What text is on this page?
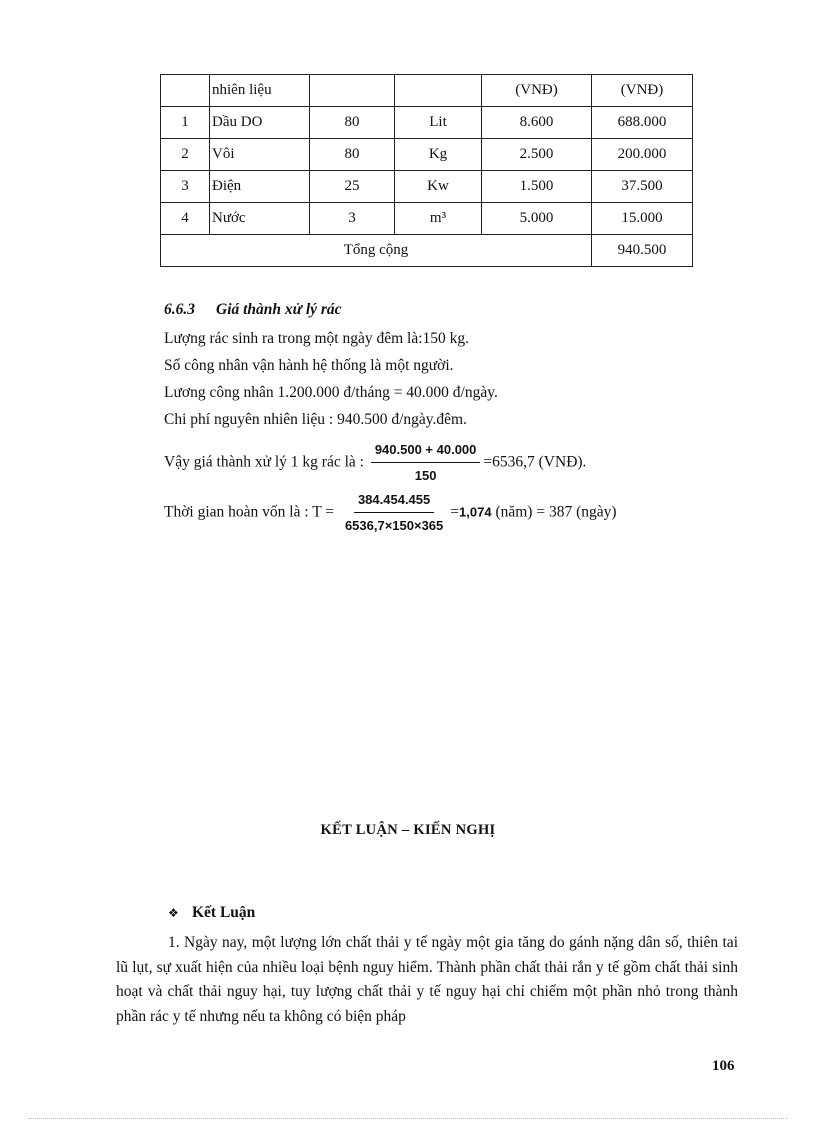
	nhiên liệu			(VNĐ)	(VNĐ)
1	Dầu DO	80	Lit	8.600	688.000
2	Vôi	80	Kg	2.500	200.000
3	Điện	25	Kw	1.500	37.500
4	Nước	3	m³	5.000	15.000
Tổng cộng					940.500
6.6.3 Giá thành xử lý rác
Lượng rác sinh ra trong một ngày đêm là:150 kg.
Số công nhân vận hành hệ thống là một người.
Lương công nhân 1.200.000 đ/tháng = 40.000 đ/ngày.
Chi phí nguyên nhiên liệu : 940.500 đ/ngày.đêm.
Vậy giá thành xử lý 1 kg rác là : $\frac{940.500 + 40.000}{150} =6536,7$ (VNĐ).
Thời gian hoàn vốn là : $T = \frac{384.454.455}{6536,7\times 150\times 365} =1,074$ (năm) = 387 (ngày)
KẾT LUẬN – KIẾN NGHỊ
❖ Kết Luận

1. Ngày nay, một lượng lớn chất thải y tế ngày một gia tăng do gánh nặng dân số, thiên tai lũ lụt, sự xuất hiện của nhiều loại bệnh nguy hiểm. Thành phần chất thải rắn y tế gồm chất thải sinh hoạt và chất thải nguy hại, tuy lượng chất thải y tế nguy hại chỉ chiếm một phần nhỏ trong thành phần rác y tế nhưng nếu ta không có biện pháp

106
